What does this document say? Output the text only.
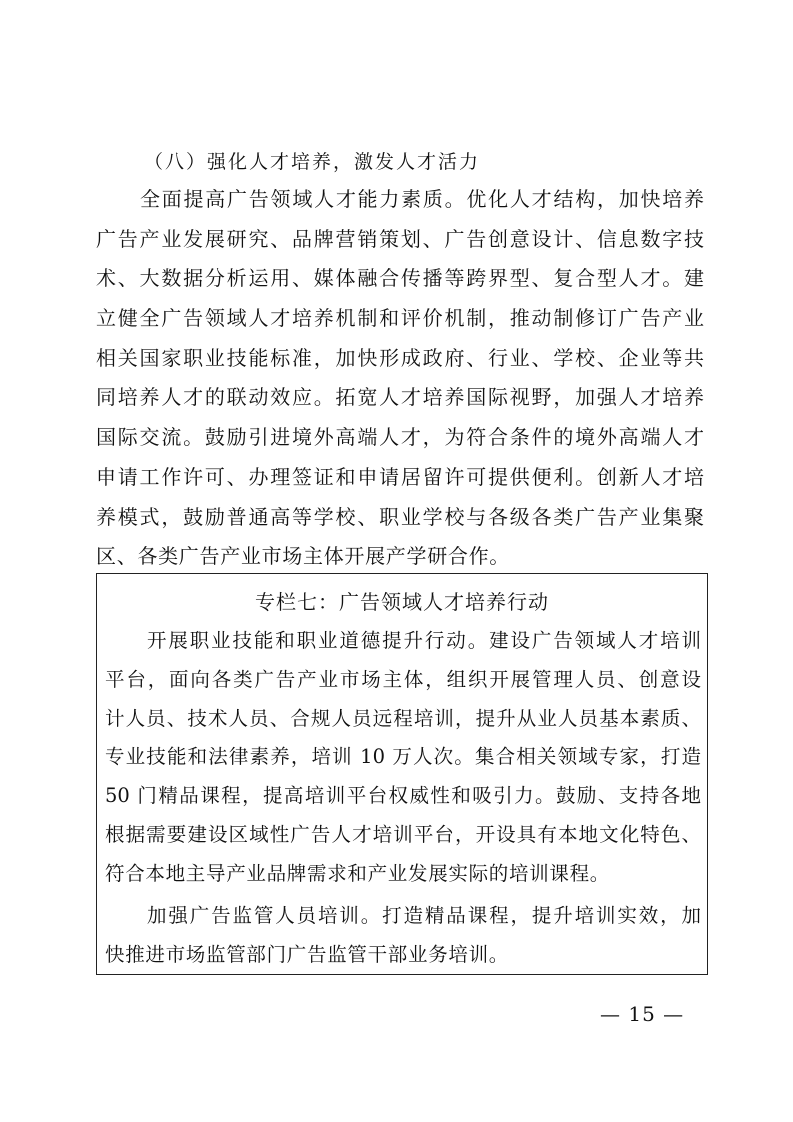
（八）强化人才培养，激发人才活力
全面提高广告领域人才能力素质。优化人才结构，加快培养
广告产业发展研究、品牌营销策划、广告创意设计、信息数字技
术、大数据分析运用、媒体融合传播等跨界型、复合型人才。建
立健全广告领域人才培养机制和评价机制，推动制修订广告产业
相关国家职业技能标准，加快形成政府、行业、学校、企业等共
同培养人才的联动效应。拓宽人才培养国际视野，加强人才培养
国际交流。鼓励引进境外高端人才，为符合条件的境外高端人才
申请工作许可、办理签证和申请居留许可提供便利。创新人才培
养模式，鼓励普通高等学校、职业学校与各级各类广告产业集聚
区、各类广告产业市场主体开展产学研合作。
专栏七：广告领域人才培养行动
开展职业技能和职业道德提升行动。建设广告领域人才培训
平台，面向各类广告产业市场主体，组织开展管理人员、创意设
计人员、技术人员、合规人员远程培训，提升从业人员基本素质、
专业技能和法律素养，培训 10 万人次。集合相关领域专家，打造
50 门精品课程，提高培训平台权威性和吸引力。鼓励、支持各地
根据需要建设区域性广告人才培训平台，开设具有本地文化特色、
符合本地主导产业品牌需求和产业发展实际的培训课程。
加强广告监管人员培训。打造精品课程，提升培训实效，加
快推进市场监管部门广告监管干部业务培训。
— 15 —
